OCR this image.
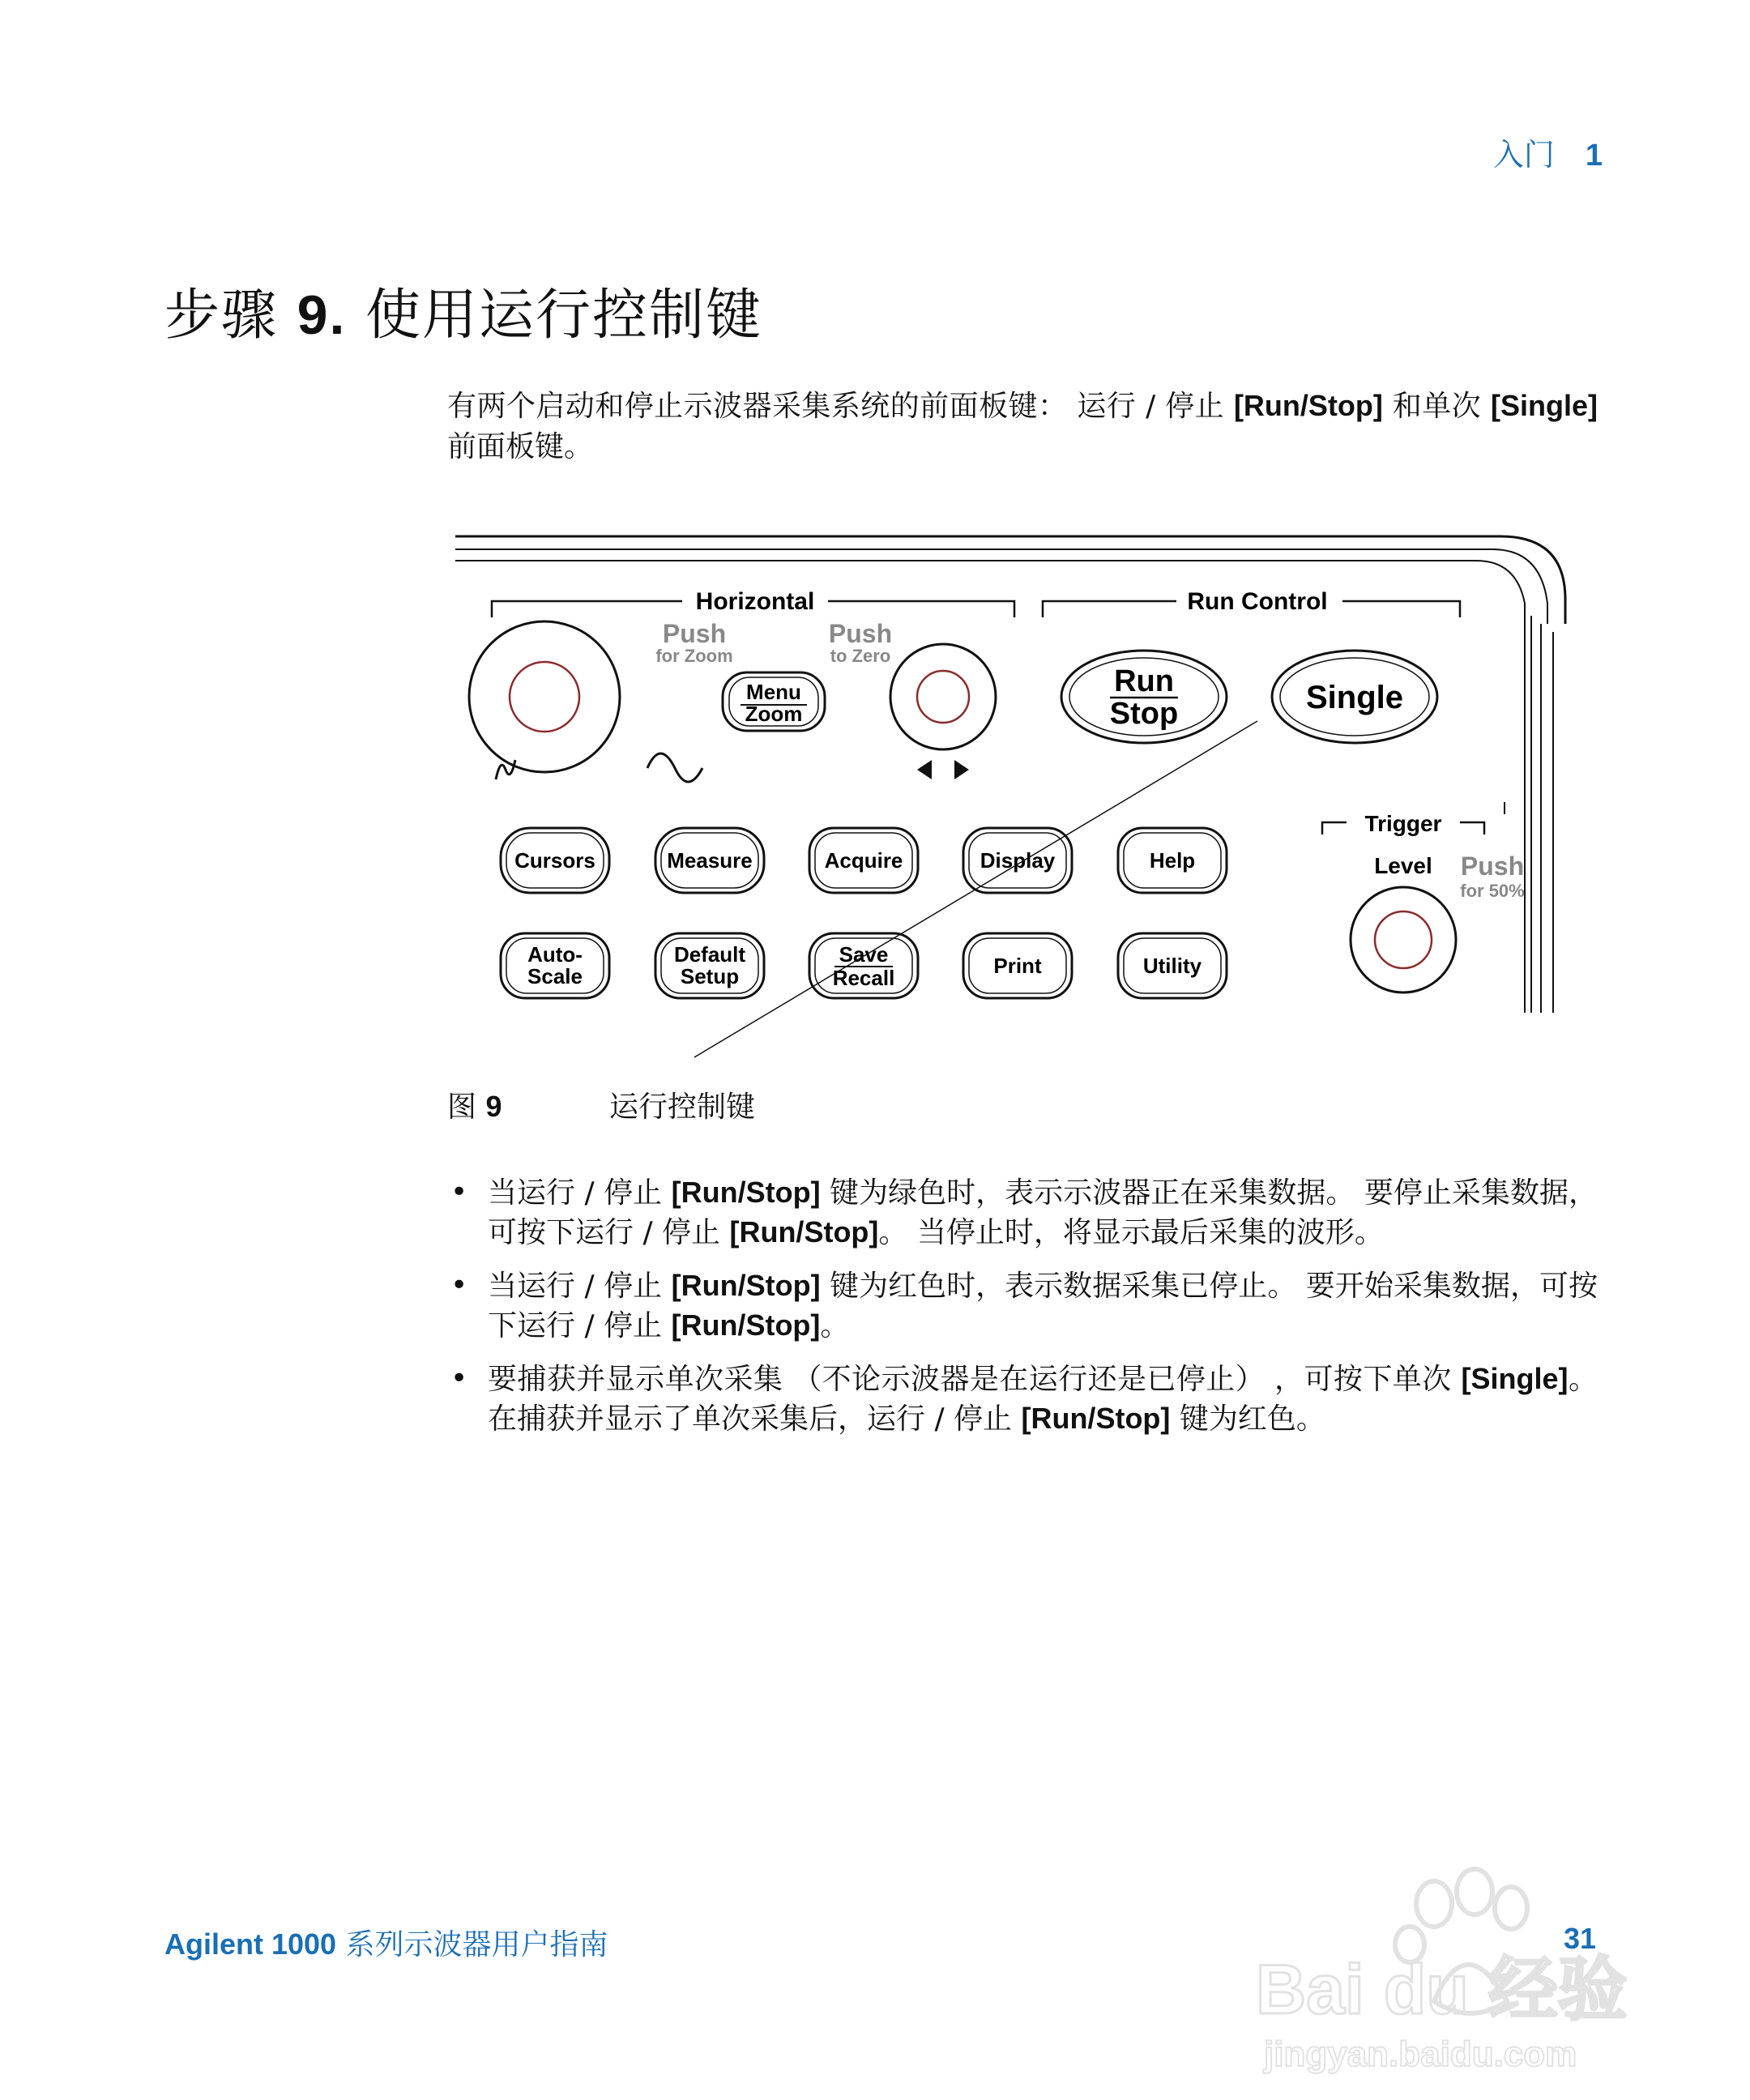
入门 1
步骤 9. 使用运行控制键
有两个启动和停止示波器采集系统的前面板键： 运行 / 停止 [Run/Stop] 和单次 [Single] 前面板键。
Horizontal	Run Control
Push
for Zoom
Menu
Zoom
Push
to Zero
Run
Stop	Single
Cursors	Measure	Acquire	Display	Help
Auto-
Scale
Default
Setup
Save
Recall	Print	Utility
Trigger
Level Push
for 50%
图 9	运行控制键
• 当运行 / 停止 [Run/Stop] 键为绿色时，表示示波器正在采集数据。 要停止采集数据，可按下运行 / 停止 [Run/Stop]。 当停止时，将显示最后采集的波形。
• 当运行 / 停止 [Run/Stop] 键为红色时，表示数据采集已停止。 要开始采集数据，可按下运行 / 停止 [Run/Stop]。
• 要捕获并显示单次采集 （不论示波器是在运行还是已停止） ，可按下单次 [Single]。 在捕获并显示了单次采集后，运行 / 停止 [Run/Stop] 键为红色。
Agilent 1000 系列示波器用户指南	31
Bai du 经验
jingyan.baidu.com
